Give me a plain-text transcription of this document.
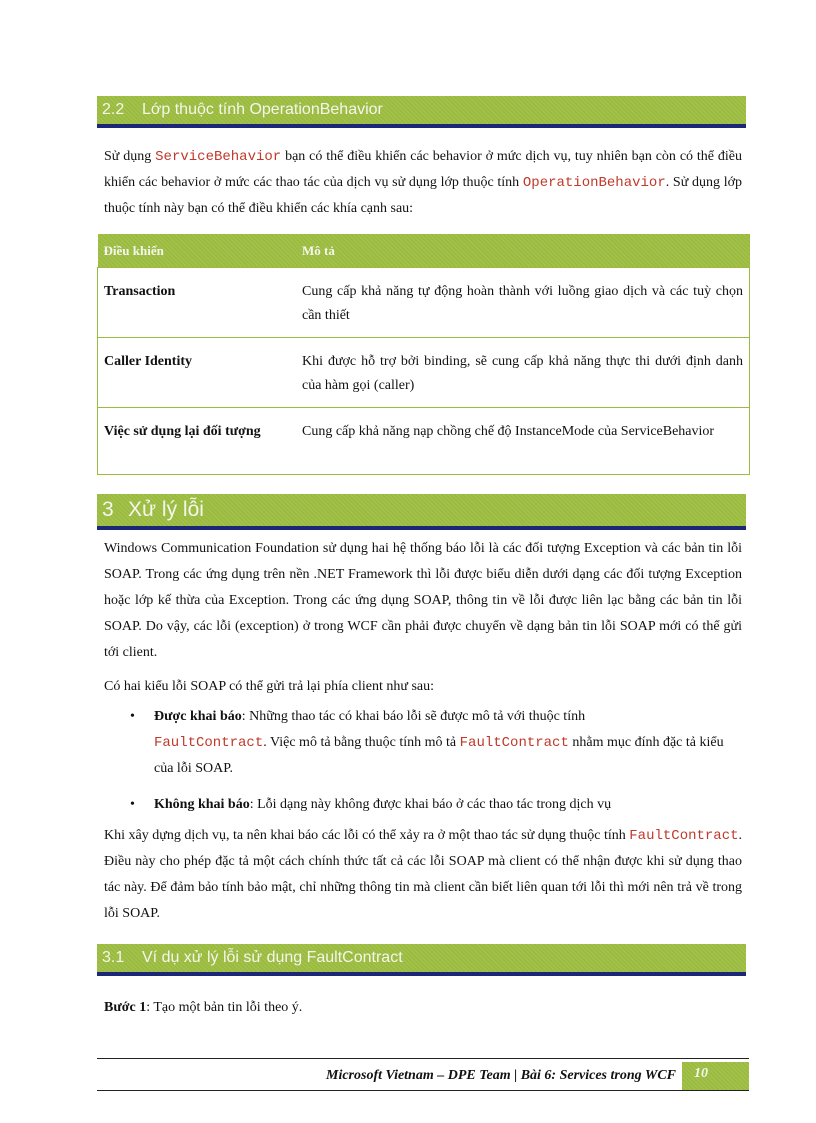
2.2 Lớp thuộc tính OperationBehavior

Sử dụng ServiceBehavior bạn có thể điều khiển các behavior ở mức dịch vụ, tuy nhiên bạn còn có thể điều khiển các behavior ở mức các thao tác của dịch vụ sử dụng lớp thuộc tính OperationBehavior. Sử dụng lớp thuộc tính này bạn có thể điều khiển các khía cạnh sau:

Điều khiển	Mô tả
Transaction	Cung cấp khả năng tự động hoàn thành với luồng giao dịch và các tuỳ chọn cần thiết
Caller Identity	Khi được hỗ trợ bởi binding, sẽ cung cấp khả năng thực thi dưới định danh của hàm gọi (caller)
Việc sử dụng lại đối tượng	Cung cấp khả năng nạp chồng chế độ InstanceMode của ServiceBehavior
3 Xử lý lỗi

Windows Communication Foundation sử dụng hai hệ thống báo lỗi là các đối tượng Exception và các bản tin lỗi SOAP. Trong các ứng dụng trên nền .NET Framework thì lỗi được biểu diễn dưới dạng các đối tượng Exception hoặc lớp kế thừa của Exception. Trong các ứng dụng SOAP, thông tin về lỗi được liên lạc bằng các bản tin lỗi SOAP. Do vậy, các lỗi (exception) ở trong WCF cần phải được chuyển về dạng bản tin lỗi SOAP mới có thể gửi tới client.

Có hai kiểu lỗi SOAP có thể gửi trả lại phía client như sau:

• Được khai báo: Những thao tác có khai báo lỗi sẽ được mô tả với thuộc tính
FaultContract. Việc mô tả bằng thuộc tính mô tả FaultContract nhằm mục đính đặc tả kiểu của lỗi SOAP.
• Không khai báo: Lỗi dạng này không được khai báo ở các thao tác trong dịch vụ

Khi xây dựng dịch vụ, ta nên khai báo các lỗi có thể xảy ra ở một thao tác sử dụng thuộc tính FaultContract. Điều này cho phép đặc tả một cách chính thức tất cả các lỗi SOAP mà client có thể nhận được khi sử dụng thao tác này. Để đảm bảo tính bảo mật, chỉ những thông tin mà client cần biết liên quan tới lỗi thì mới nên trả về trong lỗi SOAP.

3.1 Ví dụ xử lý lỗi sử dụng FaultContract

Bước 1: Tạo một bản tin lỗi theo ý.

Microsoft Vietnam – DPE Team | Bài 6: Services trong WCF	10
